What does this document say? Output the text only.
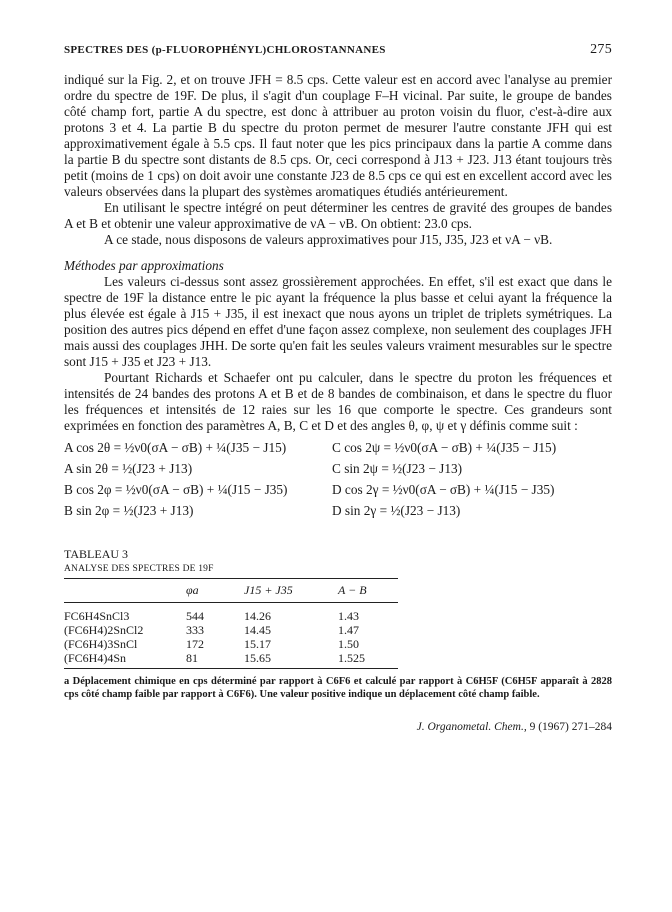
SPECTRES DES (p-FLUOROPHÉNYL)CHLOROSTANNANES	275

indiqué sur la Fig. 2, et on trouve JFH = 8.5 cps. Cette valeur est en accord avec l'analyse au premier ordre du spectre de 19F. De plus, il s'agit d'un couplage F–H vicinal. Par suite, le groupe de bandes côté champ fort, partie A du spectre, est donc à attribuer au proton voisin du fluor, c'est-à-dire aux protons 3 et 4. La partie B du spectre du proton permet de mesurer l'autre constante JFH qui est approximativement égale à 5.5 cps. Il faut noter que les pics principaux dans la partie A comme dans la partie B du spectre sont distants de 8.5 cps. Or, ceci correspond à J13 + J23. J13 étant toujours très petit (moins de 1 cps) on doit avoir une constante J23 de 8.5 cps ce qui est en excellent accord avec les valeurs observées dans la plupart des systèmes aromatiques étudiés antérieurement.

En utilisant le spectre intégré on peut déterminer les centres de gravité des groupes de bandes A et B et obtenir une valeur approximative de νA − νB. On obtient: 23.0 cps.

A ce stade, nous disposons de valeurs approximatives pour J15, J35, J23 et νA − νB.

Méthodes par approximations

Les valeurs ci-dessus sont assez grossièrement approchées. En effet, s'il est exact que dans le spectre de 19F la distance entre le pic ayant la fréquence la plus basse et celui ayant la fréquence la plus élevée est égale à J15 + J35, il est inexact que nous ayons un triplet de triplets symétriques. La position des autres pics dépend en effet d'une façon assez complexe, non seulement des couplages JFH mais aussi des couplages JHH. De sorte qu'en fait les seules valeurs vraiment mesurables sur le spectre sont J15 + J35 et J23 + J13.

Pourtant Richards et Schaefer ont pu calculer, dans le spectre du proton les fréquences et intensités de 24 bandes des protons A et B et de 8 bandes de combinaison, et dans le spectre du fluor les fréquences et intensités de 12 raies sur les 16 que comporte le spectre. Ces grandeurs sont exprimées en fonction des paramètres A, B, C et D et des angles θ, φ, ψ et γ définis comme suit :

A cos 2θ = ½ν0(σA − σB) + ¼(J35 − J15)	C cos 2ψ = ½ν0(σA − σB) + ¼(J35 − J15)
A sin 2θ = ½(J23 + J13)	C sin 2ψ = ½(J23 − J13)
B cos 2φ = ½ν0(σA − σB) + ¼(J15 − J35)	D cos 2γ = ½ν0(σA − σB) + ¼(J15 − J35)
B sin 2φ = ½(J23 + J13)	D sin 2γ = ½(J23 − J13)
TABLEAU 3
ANALYSE DES SPECTRES DE 19F
	φa	J15 + J35	A − B
FC6H4SnCl3	544	14.26	1.43
(FC6H4)2SnCl2	333	14.45	1.47
(FC6H4)3SnCl	172	15.17	1.50
(FC6H4)4Sn	81	15.65	1.525
a Déplacement chimique en cps déterminé par rapport à C6F6 et calculé par rapport à C6H5F (C6H5F apparaît à 2828 cps côté champ faible par rapport à C6F6). Une valeur positive indique un déplacement côté champ faible.
J. Organometal. Chem., 9 (1967) 271–284
